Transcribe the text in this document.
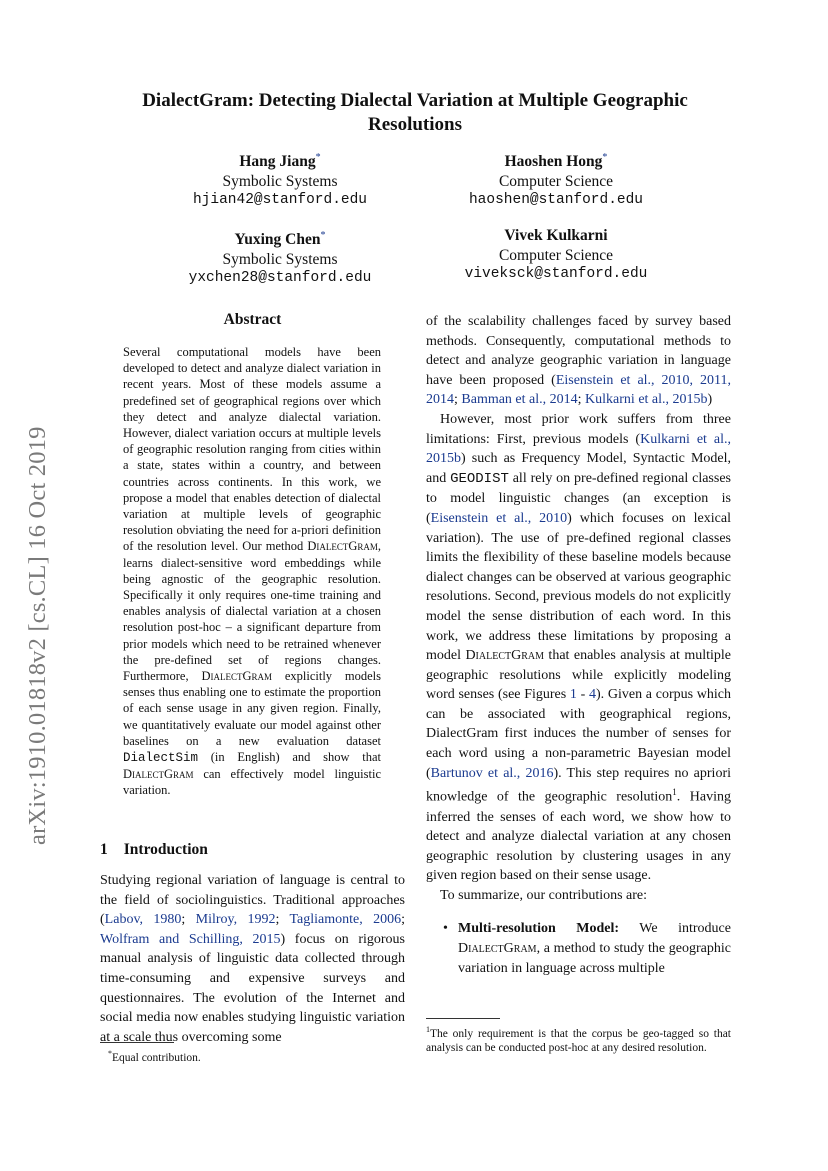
arXiv:1910.01818v2 [cs.CL] 16 Oct 2019
DialectGram: Detecting Dialectal Variation at Multiple Geographic Resolutions
Hang Jiang*
Symbolic Systems
hjian42@stanford.edu
Haoshen Hong*
Computer Science
haoshen@stanford.edu
Yuxing Chen*
Symbolic Systems
yxchen28@stanford.edu
Vivek Kulkarni
Computer Science
viveksck@stanford.edu
Abstract

Several computational models have been developed to detect and analyze dialect variation in recent years. Most of these models assume a predefined set of geographical regions over which they detect and analyze dialectal variation. However, dialect variation occurs at multiple levels of geographic resolution ranging from cities within a state, states within a country, and between countries across continents. In this work, we propose a model that enables detection of dialectal variation at multiple levels of geographic resolution obviating the need for a-priori definition of the resolution level. Our method DialectGram, learns dialect-sensitive word embeddings while being agnostic of the geographic resolution. Specifically it only requires one-time training and enables analysis of dialectal variation at a chosen resolution post-hoc – a significant departure from prior models which need to be retrained whenever the pre-defined set of regions changes. Furthermore, DialectGram explicitly models senses thus enabling one to estimate the proportion of each sense usage in any given region. Finally, we quantitatively evaluate our model against other baselines on a new evaluation dataset DialectSim (in English) and show that DialectGram can effectively model linguistic variation.

1 Introduction

Studying regional variation of language is central to the field of sociolinguistics. Traditional approaches (Labov, 1980; Milroy, 1992; Tagliamonte, 2006; Wolfram and Schilling, 2015) focus on rigorous manual analysis of linguistic data collected through time-consuming and expensive surveys and questionnaires. The evolution of the Internet and social media now enables studying linguistic variation at a scale thus overcoming some

*Equal contribution.

of the scalability challenges faced by survey based methods. Consequently, computational methods to detect and analyze geographic variation in language have been proposed (Eisenstein et al., 2010, 2011, 2014; Bamman et al., 2014; Kulkarni et al., 2015b)

However, most prior work suffers from three limitations: First, previous models (Kulkarni et al., 2015b) such as Frequency Model, Syntactic Model, and GEODIST all rely on pre-defined regional classes to model linguistic changes (an exception is (Eisenstein et al., 2010) which focuses on lexical variation). The use of pre-defined regional classes limits the flexibility of these baseline models because dialect changes can be observed at various geographic resolutions. Second, previous models do not explicitly model the sense distribution of each word. In this work, we address these limitations by proposing a model DialectGram that enables analysis at multiple geographic resolutions while explicitly modeling word senses (see Figures 1 - 4). Given a corpus which can be associated with geographical regions, DialectGram first induces the number of senses for each word using a non-parametric Bayesian model (Bartunov et al., 2016). This step requires no apriori knowledge of the geographic resolution$^1$. Having inferred the senses of each word, we show how to detect and analyze dialectal variation at any chosen geographic resolution by clustering usages in any given region based on their sense usage.

To summarize, our contributions are:

• Multi-resolution Model: We introduce DialectGram, a method to study the geographic variation in language across multiple

$^1$The only requirement is that the corpus be geo-tagged so that analysis can be conducted post-hoc at any desired resolution.
